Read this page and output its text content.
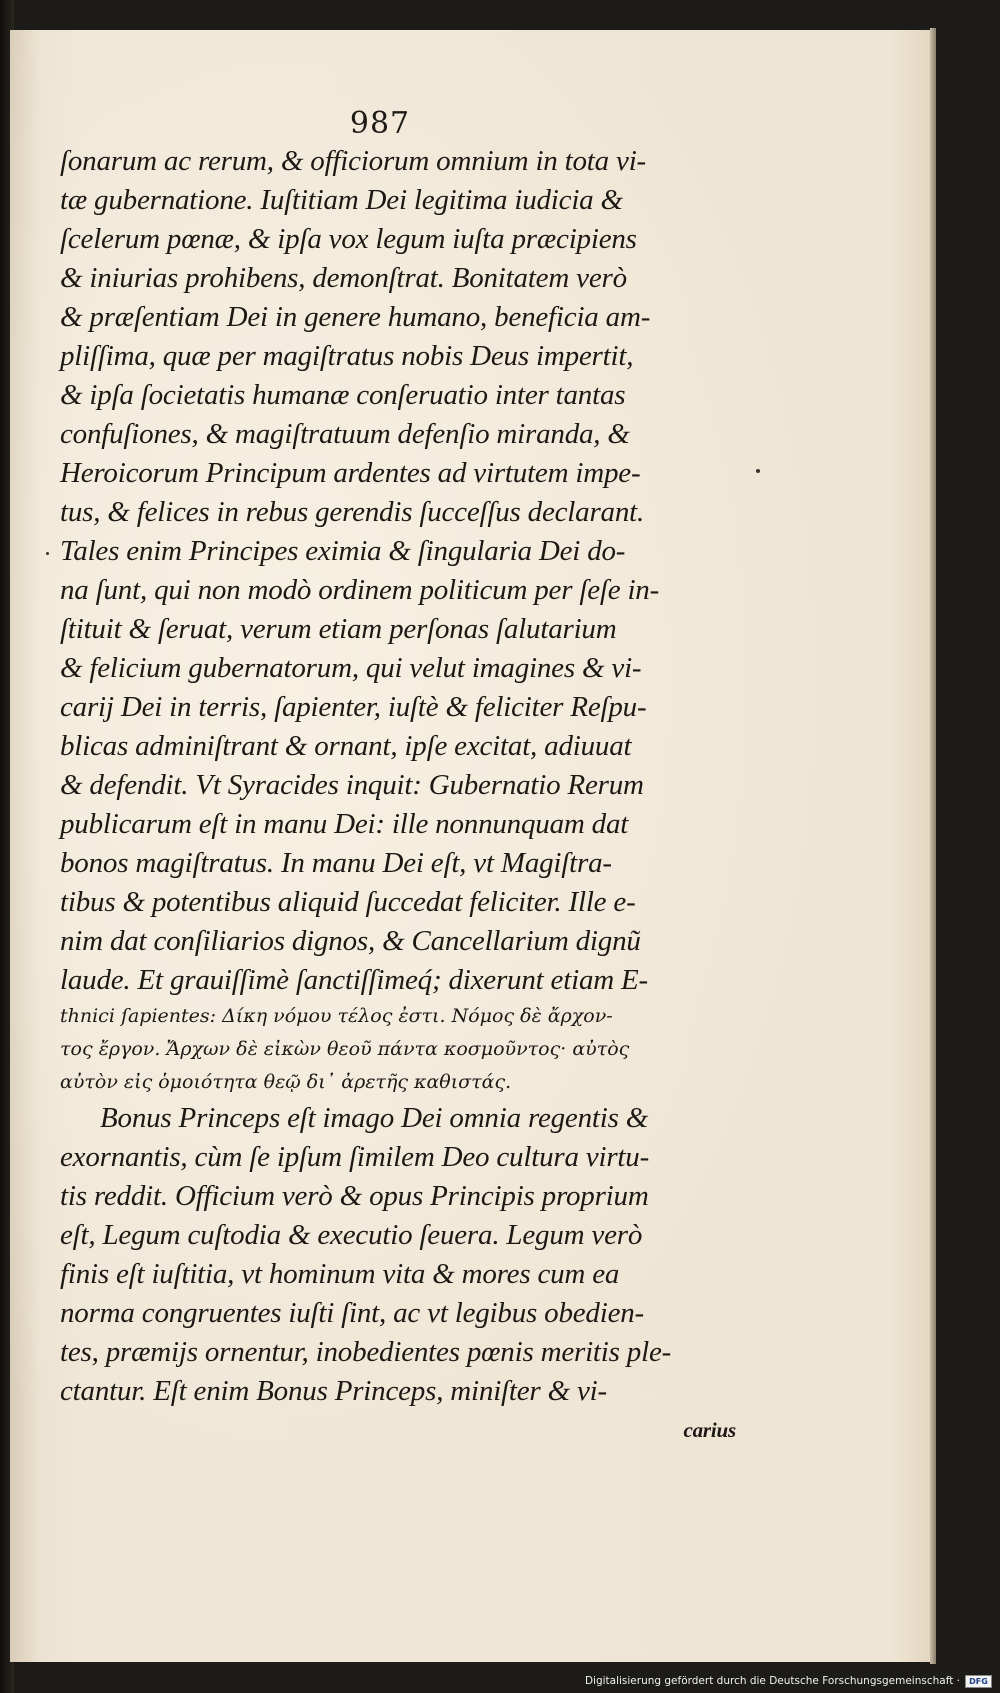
987
ſonarum ac rerum, & officiorum omnium in tota vi-
tæ gubernatione. Iuſtitiam Dei legitima iudicia &
ſcelerum pœnæ, & ipſa vox legum iuſta præcipiens
& iniurias prohibens, demonſtrat. Bonitatem verò
& præſentiam Dei in genere humano, beneficia am-
pliſſima, quæ per magiſtratus nobis Deus impertit,
& ipſa ſocietatis humanæ conſeruatio inter tantas
confuſiones, & magiſtratuum defenſio miranda, &
Heroicorum Principum ardentes ad virtutem impe-
tus, & felices in rebus gerendis ſucceſſus declarant.
Tales enim Principes eximia & ſingularia Dei do-
na ſunt, qui non modò ordinem politicum per ſeſe in-
ſtituit & ſeruat, verum etiam perſonas ſalutarium
& felicium gubernatorum, qui velut imagines & vi-
carij Dei in terris, ſapienter, iuſtè & feliciter Reſpu-
blicas adminiſtrant & ornant, ipſe excitat, adiuuat
& defendit. Vt Syracides inquit: Gubernatio Rerum
publicarum eſt in manu Dei: ille nonnunquam dat
bonos magiſtratus. In manu Dei eſt, vt Magiſtra-
tibus & potentibus aliquid ſuccedat feliciter. Ille e-
nim dat conſiliarios dignos, & Cancellarium dignũ
laude. Et grauiſſimè ſanctiſſimeq́; dixerunt etiam E-
thnici ſapientes: Δίκη νόμου τέλος ἐστι. Νόμος δὲ ἄρχον-
τος ἔργον. Ἄρχων δὲ εἰκὼν θεοῦ πάντα κοσμοῦντος· αὐτὸς
αὐτὸν εἰς ὁμοιότητα θεῷ δι᾽ ἀρετῆς καθιστάς.
Bonus Princeps eſt imago Dei omnia regentis &
exornantis, cùm ſe ipſum ſimilem Deo cultura virtu-
tis reddit. Officium verò & opus Principis proprium
eſt, Legum cuſtodia & executio ſeuera. Legum verò
finis eſt iuſtitia, vt hominum vita & mores cum ea
norma congruentes iuſti ſint, ac vt legibus obedien-
tes, præmijs ornentur, inobedientes pœnis meritis ple-
ctantur. Eſt enim Bonus Princeps, miniſter & vi-
carius
Digitalisierung gefördert durch die Deutsche Forschungsgemeinschaft ·	DFG
